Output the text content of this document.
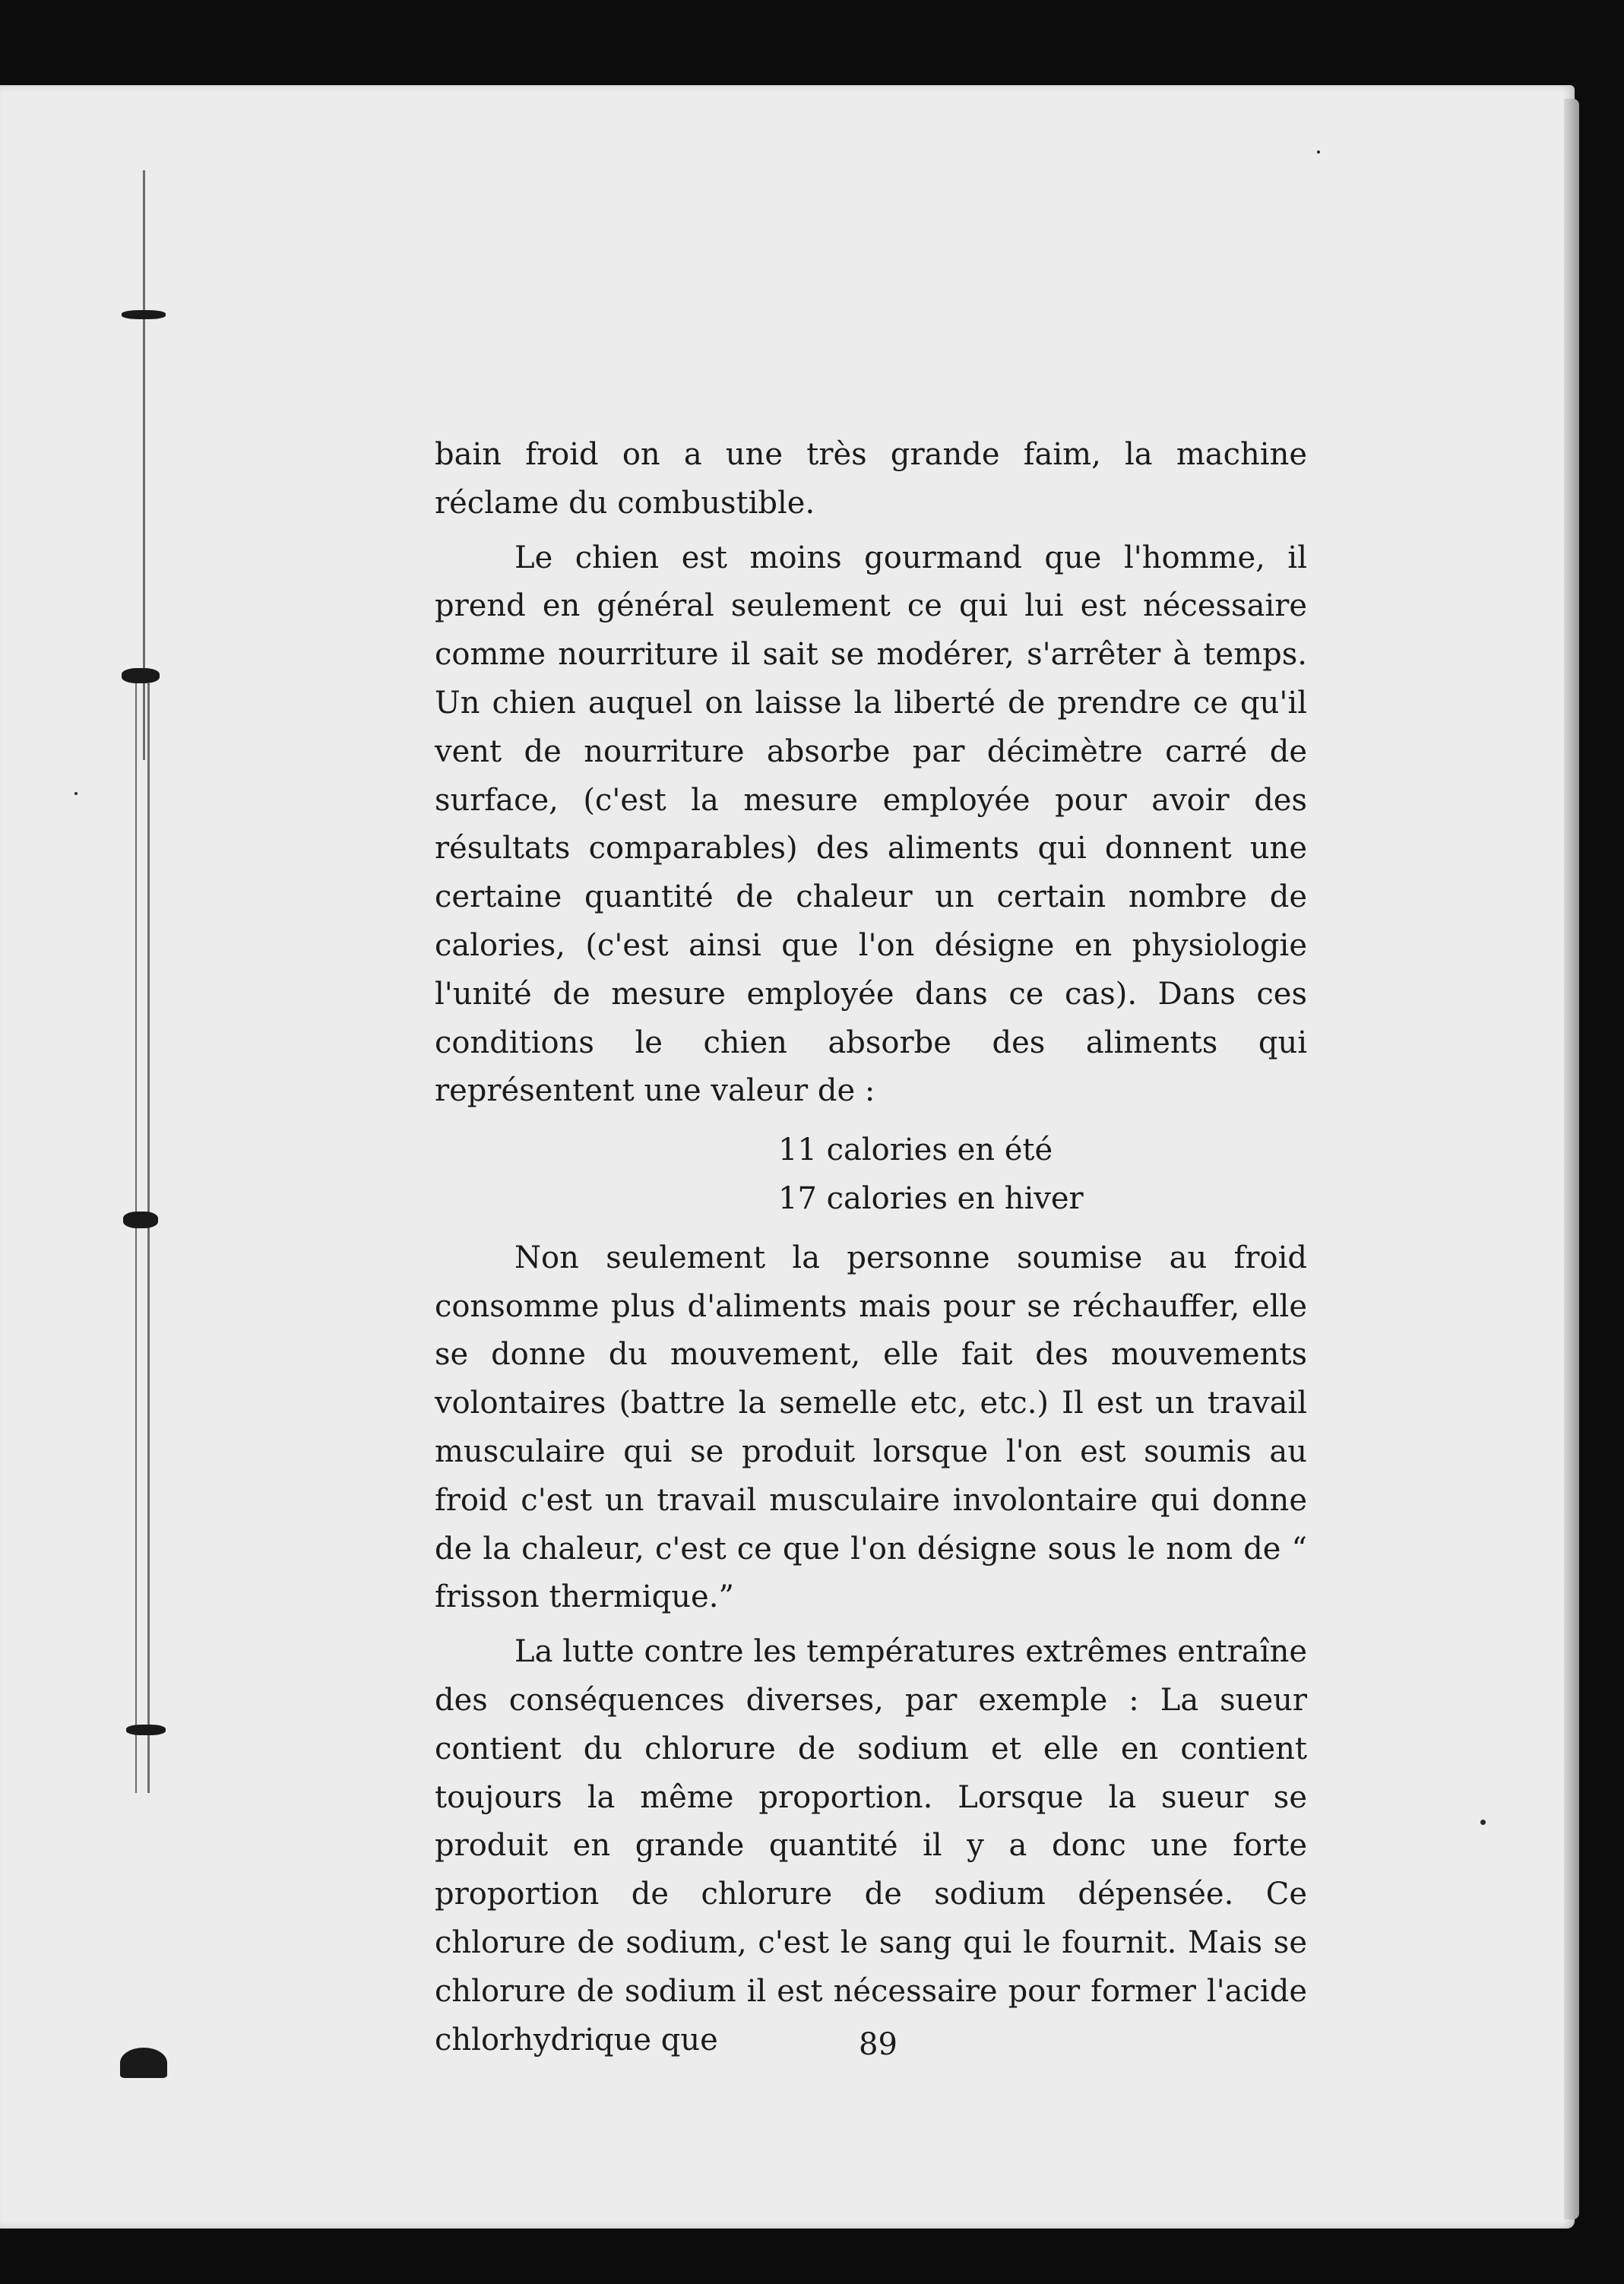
bain froid on a une très grande faim, la machine réclame du combustible.

Le chien est moins gourmand que l'homme, il prend en général seulement ce qui lui est nécessaire comme nourriture il sait se modérer, s'arrêter à temps. Un chien auquel on laisse la liberté de prendre ce qu'il vent de nourriture absorbe par décimètre carré de surface, (c'est la mesure employée pour avoir des résultats comparables) des aliments qui donnent une certaine quantité de chaleur un certain nombre de calories, (c'est ainsi que l'on désigne en physiologie l'unité de mesure employée dans ce cas). Dans ces conditions le chien absorbe des aliments qui représentent une valeur de :

11 calories en été
17 calories en hiver

Non seulement la personne soumise au froid consomme plus d'aliments mais pour se réchauffer, elle se donne du mouvement, elle fait des mouvements volontaires (battre la semelle etc, etc.) Il est un travail musculaire qui se produit lorsque l'on est soumis au froid c'est un travail musculaire involontaire qui donne de la chaleur, c'est ce que l'on désigne sous le nom de “ frisson thermique.”

La lutte contre les températures extrêmes entraîne des conséquences diverses, par exemple : La sueur contient du chlorure de sodium et elle en contient toujours la même proportion. Lorsque la sueur se produit en grande quantité il y a donc une forte proportion de chlorure de sodium dépensée. Ce chlorure de sodium, c'est le sang qui le fournit. Mais se chlorure de sodium il est nécessaire pour former l'acide chlorhydrique que	89
